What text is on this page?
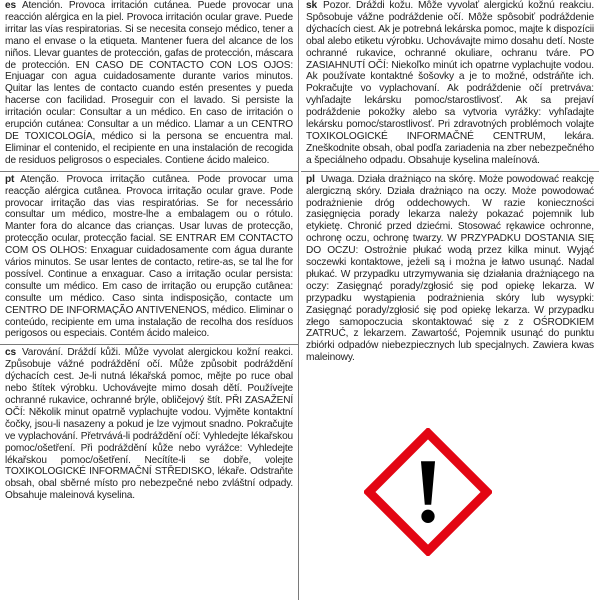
es Atención. Provoca irritación cutánea. Puede provocar una reacción alérgica en la piel. Provoca irritación ocular grave. Puede irritar las vías respiratorias. Si se necesita consejo médico, tener a mano el envase o la etiqueta. Mantener fuera del alcance de los niños. Llevar guantes de protección, gafas de protección, máscara de protección. EN CASO DE CONTACTO CON LOS OJOS: Enjuagar con agua cuidadosamente durante varios minutos. Quitar las lentes de contacto cuando estén presentes y pueda hacerse con facilidad. Proseguir con el lavado. Si persiste la irritación ocular: Consultar a un médico. En caso de irritación o erupción cutánea: Consultar a un médico. Llamar a un CENTRO DE TOXICOLOGÍA, médico si la persona se encuentra mal. Eliminar el contenido, el recipiente en una instalación de recogida de residuos peligrosos o especiales. Contiene ácido maleico.
pt Atenção. Provoca irritação cutânea. Pode provocar uma reacção alérgica cutânea. Provoca irritação ocular grave. Pode provocar irritação das vias respiratórias. Se for necessário consultar um médico, mostre-lhe a embalagem ou o rótulo. Manter fora do alcance das crianças. Usar luvas de protecção, protecção ocular, protecção facial. SE ENTRAR EM CONTACTO COM OS OLHOS: Enxaguar cuidadosamente com água durante vários minutos. Se usar lentes de contacto, retire-as, se tal lhe for possível. Continue a enxaguar. Caso a irritação ocular persista: consulte um médico. Em caso de irritação ou erupção cutânea: consulte um médico. Caso sinta indisposição, contacte um CENTRO DE INFORMAÇÃO ANTIVENENOS, médico. Eliminar o conteúdo, recipiente em uma instalação de recolha dos resíduos perigosos ou especiais. Contém ácido maleico.
cs Varování. Dráždí kůži. Může vyvolat alergickou kožní reakci. Způsobuje vážné podráždění očí. Může způsobit podráždění dýchacích cest. Je-li nutná lékařská pomoc, mějte po ruce obal nebo štítek výrobku. Uchovávejte mimo dosah dětí. Používejte ochranné rukavice, ochranné brýle, obličejový štít. PŘI ZASAŽENÍ OČÍ: Několik minut opatrně vyplachujte vodou. Vyjměte kontaktní čočky, jsou-li nasazeny a pokud je lze vyjmout snadno. Pokračujte ve vyplachování. Přetrvává-li podráždění očí: Vyhledejte lékařskou pomoc/ošetření. Při podráždění kůže nebo vyrážce: Vyhledejte lékařskou pomoc/ošetření. Necítíte-li se dobře, volejte TOXIKOLOGICKÉ INFORMAČNÍ STŘEDISKO, lékaře. Odstraňte obsah, obal sběrné místo pro nebezpečné nebo zvláštní odpady. Obsahuje maleinová kyselina.
sk Pozor. Dráždi kožu. Môže vyvolať alergickú kožnú reakciu. Spôsobuje vážne podráždenie očí. Môže spôsobiť podráždenie dýchacích ciest. Ak je potrebná lekárska pomoc, majte k dispozícii obal alebo etiketu výrobku. Uchovávajte mimo dosahu detí. Noste ochranné rukavice, ochranné okuliare, ochranu tváre. PO ZASIAHNUTÍ OČÍ: Niekoľko minút ich opatrne vyplachujte vodou. Ak používate kontaktné šošovky a je to možné, odstráňte ich. Pokračujte vo vyplachovaní. Ak podráždenie očí pretrváva: vyhľadajte lekársku pomoc/starostlivosť. Ak sa prejaví podráždenie pokožky alebo sa vytvoria vyrážky: vyhľadajte lekársku pomoc/starostlivosť. Pri zdravotných problémoch volajte TOXIKOLOGICKÉ INFORMAČNÉ CENTRUM, lekára. Zneškodnite obsah, obal podľa zariadenia na zber nebezpečného a špeciálneho odpadu. Obsahuje kyselina maleínová.
pl Uwaga. Działa drażniąco na skórę. Może powodować reakcję alergiczną skóry. Działa drażniąco na oczy. Może powodować podrażnienie dróg oddechowych. W razie konieczności zasięgnięcia porady lekarza należy pokazać pojemnik lub etykietę. Chronić przed dziećmi. Stosować rękawice ochronne, ochronę oczu, ochronę twarzy. W PRZYPADKU DOSTANIA SIĘ DO OCZU: Ostrożnie płukać wodą przez kilka minut. Wyjąć soczewki kontaktowe, jeżeli są i można je łatwo usunąć. Nadal płukać. W przypadku utrzymywania się działania drażniącego na oczy: Zasięgnąć porady/zgłosić się pod opiekę lekarza. W przypadku wystąpienia podrażnienia skóry lub wysypki: Zasięgnąć porady/zgłosić się pod opiekę lekarza. W przypadku złego samopoczucia skontaktować się z z OŚRODKIEM ZATRUĆ, z lekarzem. Zawartość, Pojemnik usunąć do punktu zbiórki odpadów niebezpiecznych lub specjalnych. Zawiera kwas maleinowy.
